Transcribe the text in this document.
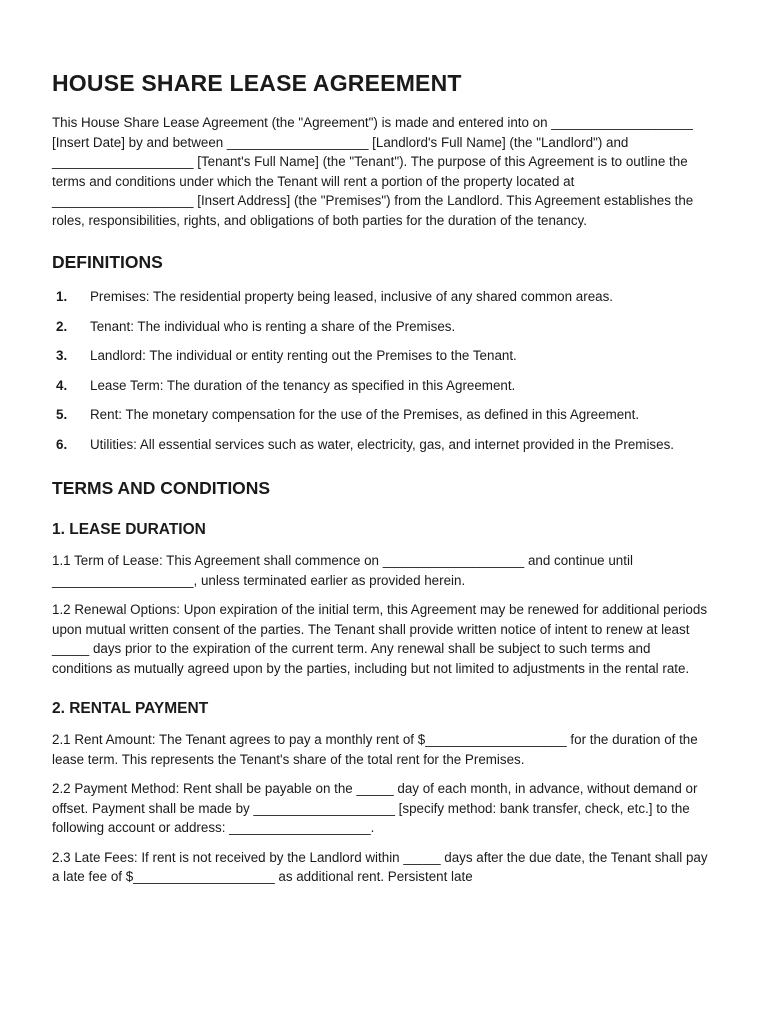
HOUSE SHARE LEASE AGREEMENT

This House Share Lease Agreement (the "Agreement") is made and entered into on ___________________ [Insert Date] by and between ___________________ [Landlord's Full Name] (the "Landlord") and ___________________ [Tenant's Full Name] (the "Tenant"). The purpose of this Agreement is to outline the terms and conditions under which the Tenant will rent a portion of the property located at ___________________ [Insert Address] (the "Premises") from the Landlord. This Agreement establishes the roles, responsibilities, rights, and obligations of both parties for the duration of the tenancy.

DEFINITIONS
1. Premises: The residential property being leased, inclusive of any shared common areas.
2. Tenant: The individual who is renting a share of the Premises.
3. Landlord: The individual or entity renting out the Premises to the Tenant.
4. Lease Term: The duration of the tenancy as specified in this Agreement.
5. Rent: The monetary compensation for the use of the Premises, as defined in this Agreement.
6. Utilities: All essential services such as water, electricity, gas, and internet provided in the Premises.
TERMS AND CONDITIONS
1. LEASE DURATION

1.1 Term of Lease: This Agreement shall commence on ___________________ and continue until ___________________, unless terminated earlier as provided herein.

1.2 Renewal Options: Upon expiration of the initial term, this Agreement may be renewed for additional periods upon mutual written consent of the parties. The Tenant shall provide written notice of intent to renew at least _____ days prior to the expiration of the current term. Any renewal shall be subject to such terms and conditions as mutually agreed upon by the parties, including but not limited to adjustments in the rental rate.

2. RENTAL PAYMENT

2.1 Rent Amount: The Tenant agrees to pay a monthly rent of $___________________ for the duration of the lease term. This represents the Tenant's share of the total rent for the Premises.

2.2 Payment Method: Rent shall be payable on the _____ day of each month, in advance, without demand or offset. Payment shall be made by ___________________ [specify method: bank transfer, check, etc.] to the following account or address: ___________________.

2.3 Late Fees: If rent is not received by the Landlord within _____ days after the due date, the Tenant shall pay a late fee of $___________________ as additional rent. Persistent late
